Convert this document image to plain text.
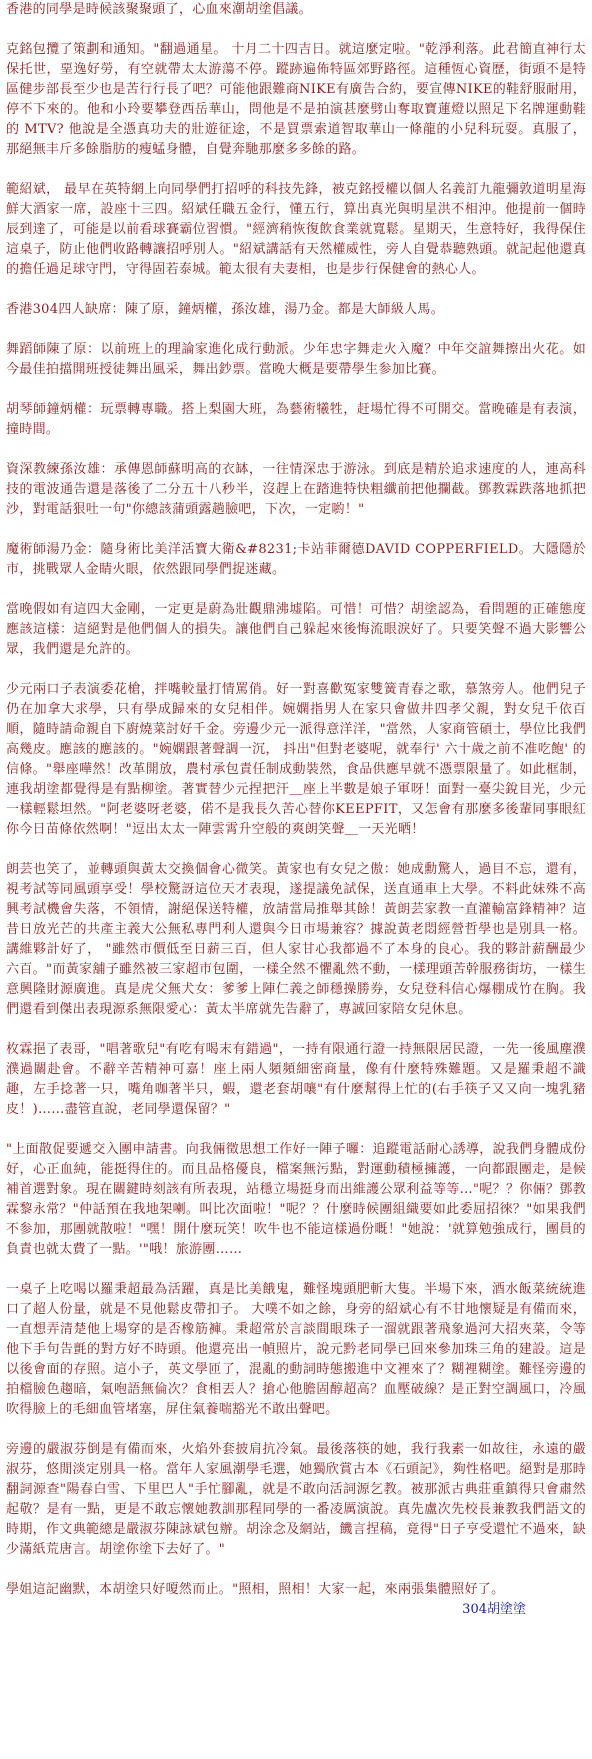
香港的同學是時候該聚聚頭了，心血來潮胡塗倡議。

克銘包攬了策劃和通知。"翻過通星。 十月二十四吉日。就這麼定啦。"乾淨利落。此君簡直神行太保托世，堊逸好勞，有空就帶太太游蕩不停。蹤跡遍佈特區郊野路徑。這種恆心資歷，街頭不是特區健步部長至少也是苦行行長了吧？可能他跟難商NIKE有廣告合約，要宣傳NIKE的鞋舒服耐用，停不下來的。他和小玲要攀登西岳華山，問他是不是拍演甚麼劈山奪取寶蓮燈以照足下名牌運動鞋的 MTV? 他說是全憑真功夫的壯遊征途，不是買票索道智取華山一條龍的小兒科玩耍。真服了，那絕無丰斤多餘脂肪的瘦蜢身體，自覺奔馳那麼多多餘的路。

範紹斌， 最早在英特網上向同學們打招呼的科技先鋒，被克銘授權以個人名義訂九龍彌敦道明星海鮮大酒家一席，設座十三四。紹斌任職五金行，懂五行，算出真光與明星洪不相沖。他提前一個時辰到達了，可能是以前看球賽霸位習慣。"經濟稍恢復飲食業就寬鬆。星期天，生意特好，我得保住這桌子，防止他們收路轉讓招呼別人。"紹斌講話有天然權威性，旁人自覺恭聽熟頭。就記起他還真的擔任過足球守門，守得固若泰城。範太很有夫妻相，也是步行保健會的熱心人。

香港304四人缺席：陳了原，鐘炳權，孫汝雄，湯乃金。都是大師級人馬。

舞蹈師陳了原：以前班上的理論家進化成行動派。少年忠字舞走火入魔？中年交誼舞擦出火花。如今最佳拍擋開班授徒舞出風采，舞出鈔票。當晚大概是要帶學生参加比賽。

胡琴師鐘炳權：玩票轉專職。搭上梨園大班，為藝術犧牲，赶場忙得不可開交。當晚確是有表演，撞時間。

資深教練孫汝雄：承傳恩師蘇明高的衣缽，一往情深忠于游泳。到底是精於追求速度的人，連高科技的電波通告還是落後了二分五十八秒半，沒趕上在踏進特快粗纖前把他攔截。鄧教霖跌落地抓把沙，對電話狠吐一句"你總該蒲頭露趟臉吧，下次，一定喲！"

魔術師湯乃金：隨身術比美洋活寶大衛&#8231;卡站菲爾德DAVID COPPERFIELD。大隱隱於市，挑戰眾人金睛火眼，依然跟同學們捉迷藏。

當晚假如有這四大金剛，一定更是蔚為壯觀鼎沸墟陷。可惜！可惜？胡塗認為，看問題的正確態度應該這樣：這絕對是他們個人的損失。讓他們自己躲起來後悔流眼淚好了。只要笑聲不過大影響公眾，我們還是允許的。

少元兩口子表演委花槍，拌嘴較量打情罵俏。好一對喜歡冤家雙簧青春之歌，慕煞旁人。他們兒子仍在加拿大求學，只有學成歸來的女兒相伴。婉嫻指男人在家只會做井四孝父親，對女兒千依百順，隨時請命親自下廚燒菜討好千金。旁邊少元一派得意洋洋，"當然，人家商管碩士，學位比我們高幾皮。應該的應該的。"婉嫻跟著聲調一沉， 抖出"但對老婆呢，就奉行' 六十歲之前不准吃飽' 的信條。"舉座嘩然！改革開放，農村承包責任制成動裝然，食品供應早就不憑票限量了。如此框制，連我胡塗都覺得是有點柳塗。著實替少元捏把汗＿座上半數是娘子軍呀！面對一臺尖銳目光，少元一樣輕鬆坦然。"阿老婆呀老婆，偌不是我長久苦心替你KEEPFIT，又怎會有那麼多後輩同事眼紅你今日苗條依然啊！"逗出太太一陣雲霄升空般的爽朗笑聲＿一天光晒！

朗芸也笑了，並轉頭與黃太交換個會心微笑。黃家也有女兒之傲：她成勳驚人，過目不忘，還有，視考試等同風頭享受！學校驚訝這位天才表現，遂提議免試保，送直通車上大學。不料此妹殊不高興考試機會失落，不領情，謝絕保送特權，放請當局推舉其餘！黃朗芸家教一直灌輸富鋒精神？這昔日放光芒的共產主義大公無私專門利人還與今日市場兼容？據說黃老悶經營哲學也是別具一格。講維夥計好了， "雖然市價低至日薪三百，但人家甘心我都過不了本身的良心。我的夥計薪酬最少六百。"而黃家舖子雖然被三家超市包圍，一樣全然不懼亂然不動，一樣理頭苦幹服務街坊，一樣生意興隆財源廣進。真是虎父無犬女：爹爹上陣仁義之師穩操勝券，女兒登科信心爆棚成竹在胸。我們還看到傑出表現源系無限愛心：黃太半席就先告辭了，專誠回家陪女兒休息。

枚霖挹了表哥，"唱著歌兒"有吃有喝末有錯過"，一持有限通行證一持無限居民證，一先一後風塵濮濮過關赴會。不辭辛苦精神可嘉！座上兩人頻頻細密商量，像有什麼特殊難題。又是羅秉超不識趣，左手捻著一只，嘴角咖著半只，蝦，還老套胡嚷"有什麼幫得上忙的(右手筷子又又向一塊乳豬皮！)……盡管直說，老同學還保留？"

"上面散促要遞交入團申請書。向我倆徵思想工作好一陣子囉：追蹤電話耐心誘導，說我們身體成份好，心正血純，能挺得住的。而且品格優良，檔案無污點，對運動積極擁護，一向都跟團走，是候補首選對象。現在關鍵時刻該有所表現，站穩立場挺身而出維護公眾利益等等…"呢？？你倆？鄧教霖黎永常？"仲話預在我地架喇。叫比次面啦！"呢？？什麼時候團組織要如此委屈招徠？"如果我們不参加，那團就散啦！"嘿！開什麼玩笑！吹牛也不能這樣過份嘅！"她說：'就算勉強成行，團員的負責也就太費了一點。'"哦！旅游團……

一桌子上吃喝以羅秉超最為活躍，真是比美餓鬼，難怪塊頭肥斬大隻。半場下來，酒水飯菜統統進口了超人份量，就是不見他鬆皮帶扣子。 大噗不如之餘，身旁的紹斌心有不甘地懷疑是有備而來，一直想弄清楚他上場穿的是否橡筋褲。秉超常於言談間眼珠子一溜就跟著飛象過河大招夾菜，令等他下手句告氈的對方好不時頭。他還亮出一幀照片，說元黔老同學已回來參加珠三角的建設。這是以後會面的存照。這小子，英文學匝了，混亂的動詞時態搬進中文裡來了？糊裡糊塗。難怪旁邊的拍檔臉色趨暗，氣咆語無倫次？食相丟人？搶心他膽固醇超高？血壓破線？是正對空調風口，冷風吹得臉上的毛細血管堵塞，屏住氣養喘豁光不敢出聲吧。

旁邊的嚴淑芬倒是有備而來，火焰外套披肩抗冷氣。最後落筷的她，我行我素一如故往，永遠的嚴淑芬，悠閒淡定別具一格。當年人家風潮學毛選，她獨欣賞古本《石頭記》，夠性格吧。絕對是那時翻詞源查"陽春白雪、下里巴人"手忙腳亂，就是不敢向活詞源乞教。被那派古典莊重鎮得只會肅然起敬？是有一點，更是不敢忘懷她教訓那程同學的一番凌厲演說。真先盧次先校長兼教我們語文的時期，作文典範總是嚴淑芬陳詠斌包辦。胡涂念及網站，饑言捏稿，竟得"日子亨受還忙不過來，缺少滿紙荒唐言。胡塗你塗下去好了。"

學姐這記幽默，本胡塗只好嗄然而止。"照相，照相！大家一起，來兩張集體照好了。

304胡塗塗
